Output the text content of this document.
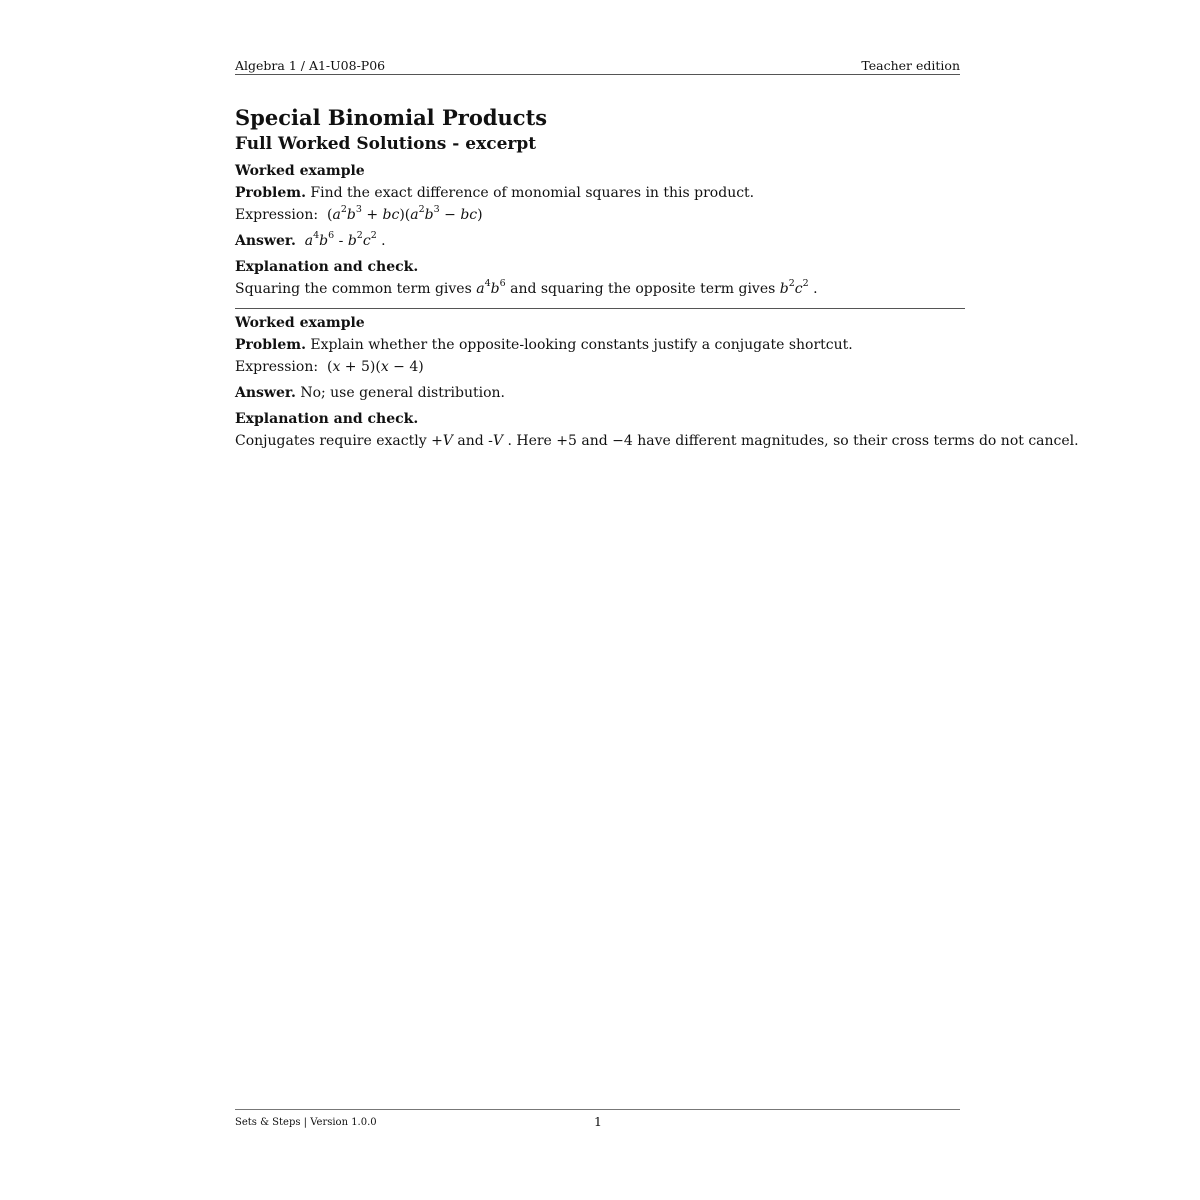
Algebra 1 / A1-U08-P06	Teacher edition
Special Binomial Products
Full Worked Solutions - excerpt
Worked example
Problem. Find the exact difference of monomial squares in this product.
Expression:  $(a^2b^3 + bc)(a^2b^3 - bc)$
Answer. $a^4b^6 - b^2c^2$ .
Explanation and check.
Squaring the common term gives $a^4b^6$ and squaring the opposite term gives $b^2c^2$ .
Worked example
Problem. Explain whether the opposite-looking constants justify a conjugate shortcut.
Expression:  (x + 5)(x − 4)
Answer. No; use general distribution.
Explanation and check.
Conjugates require exactly +V and -V . Here +5 and −4 have different magnitudes, so their cross terms do not cancel.
Sets & Steps | Version 1.0.0	1
